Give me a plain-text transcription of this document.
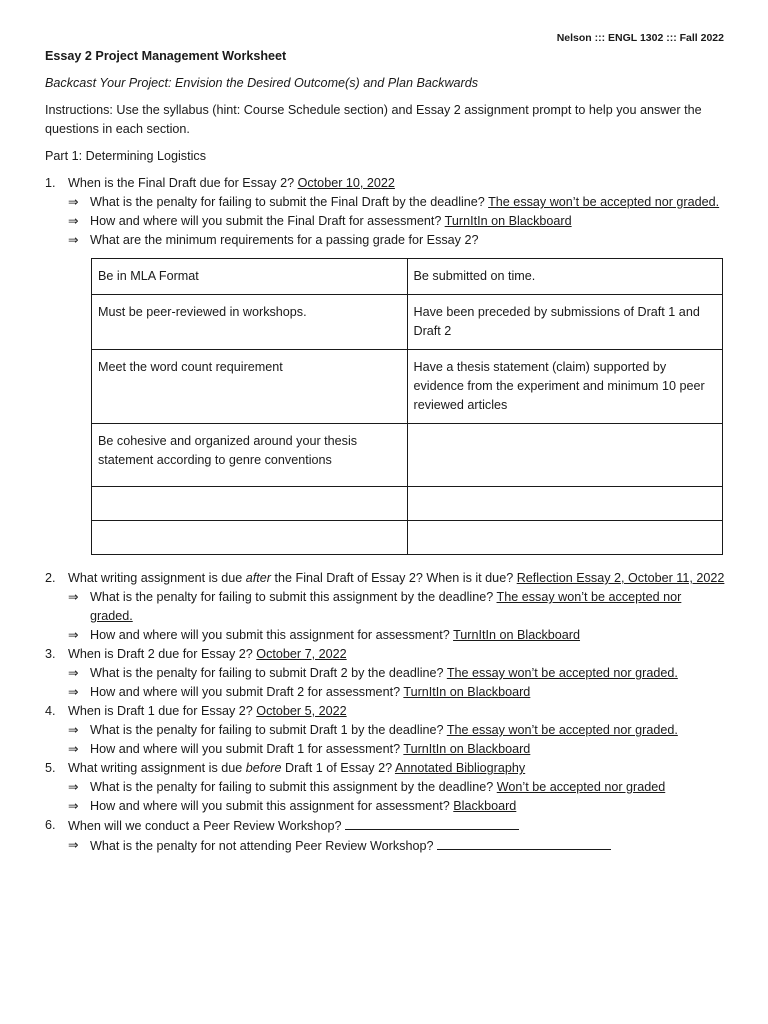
Nelson ::: ENGL 1302 ::: Fall 2022
Essay 2 Project Management Worksheet
Backcast Your Project: Envision the Desired Outcome(s) and Plan Backwards
Instructions: Use the syllabus (hint: Course Schedule section) and Essay 2 assignment prompt to help you answer the questions in each section.
Part 1: Determining Logistics
1. When is the Final Draft due for Essay 2? October 10, 2022
⇒ What is the penalty for failing to submit the Final Draft by the deadline? The essay won’t be accepted nor graded.
⇒ How and where will you submit the Final Draft for assessment? TurnItIn on Blackboard
⇒ What are the minimum requirements for a passing grade for Essay 2?
Be in MLA Format	Be submitted on time.
Must be peer-reviewed in workshops.	Have been preceded by submissions of Draft 1 and Draft 2
Meet the word count requirement	Have a thesis statement (claim) supported by evidence from the experiment and minimum 10 peer reviewed articles
Be cohesive and organized around your thesis statement according to genre conventions	

2. What writing assignment is due after the Final Draft of Essay 2? When is it due? Reflection Essay 2, October 11, 2022
⇒ What is the penalty for failing to submit this assignment by the deadline? The essay won’t be accepted nor graded.
⇒ How and where will you submit this assignment for assessment? TurnItIn on Blackboard
3. When is Draft 2 due for Essay 2? October 7, 2022
⇒ What is the penalty for failing to submit Draft 2 by the deadline? The essay won’t be accepted nor graded.
⇒ How and where will you submit Draft 2 for assessment? TurnItIn on Blackboard
4. When is Draft 1 due for Essay 2? October 5, 2022
⇒ What is the penalty for failing to submit Draft 1 by the deadline? The essay won’t be accepted nor graded.
⇒ How and where will you submit Draft 1 for assessment? TurnItIn on Blackboard
5. What writing assignment is due before Draft 1 of Essay 2? Annotated Bibliography
⇒ What is the penalty for failing to submit this assignment by the deadline? Won’t be accepted nor graded
⇒ How and where will you submit this assignment for assessment? Blackboard
6. When will we conduct a Peer Review Workshop?
⇒ What is the penalty for not attending Peer Review Workshop?
